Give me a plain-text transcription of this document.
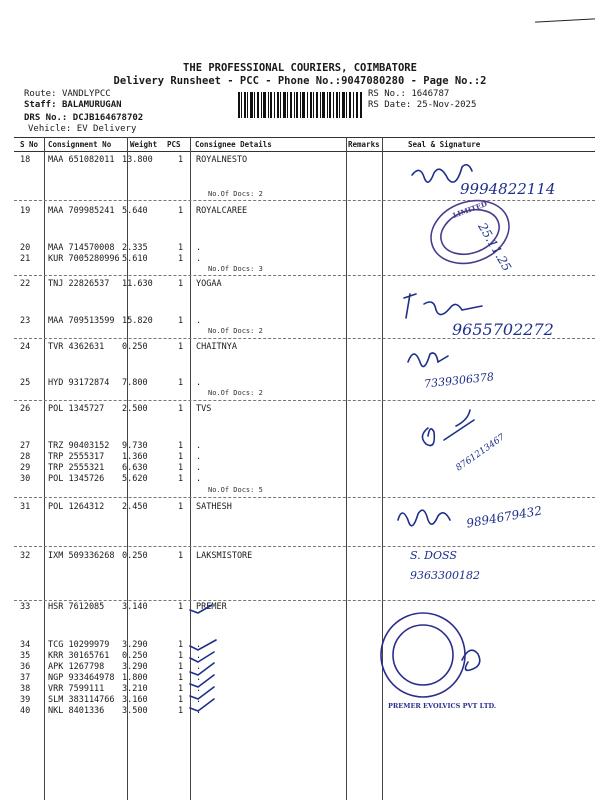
THE PROFESSIONAL COURIERS, COIMBATORE
Delivery Runsheet - PCC - Phone No.:9047080280 - Page No.:2
Route: VANDLYPCC
Staff: BALAMURUGAN
DRS No.: DCJB164678702
Vehicle: EV Delivery
RS No.: 1646787
RS Date: 25-Nov-2025
S No Consignment No	Weight PCS Consignee Details	Remarks	Seal & Signature
18	MAA 651082011 13.800	1 ROYALNESTO
No.Of Docs: 2
19	MAA 709985241 5.640	1 ROYALCAREE
20	MAA 714570008 2.335	1 .
21	KUR 7005280996 5.610	1 .
No.Of Docs: 3
22	TNJ 22826537 11.630	1 YOGAA
23	MAA 709513599 15.820	1 .
No.Of Docs: 2
24	TVR 4362631 0.250	1 CHAITNYA
25	HYD 93172874 7.800	1 .
No.Of Docs: 2
26	POL 1345727 2.500	1 TVS
27	TRZ 90403152 9.730	1 .
28	TRP 2555317 1.360	1 .
29	TRP 2555321 6.630	1 .
30	POL 1345726 5.620	1 .
No.Of Docs: 5
31	POL 1264312 2.450	1 SATHESH
32	IXM 509336268 0.250	1 LAKSMISTORE
33	HSR 7612085 3.140	1 PREMER
34	TCG 10299979 3.290	1 .
35	KRR 30165761 0.250	1 .
36	APK 1267798 3.290	1 .
37	NGP 933464978 1.800	1 .
38	VRR 7599111 3.210	1 .
39	SLM 383114766 3.160	1 .
40	NKL 8401336 3.500	1 .
9994822114
9655702272
7339306378
8761213467
9894679432
S. DOSS
9363300182
LIMITED
25.11.25
PREMER EVOLVICS PVT LTD.
